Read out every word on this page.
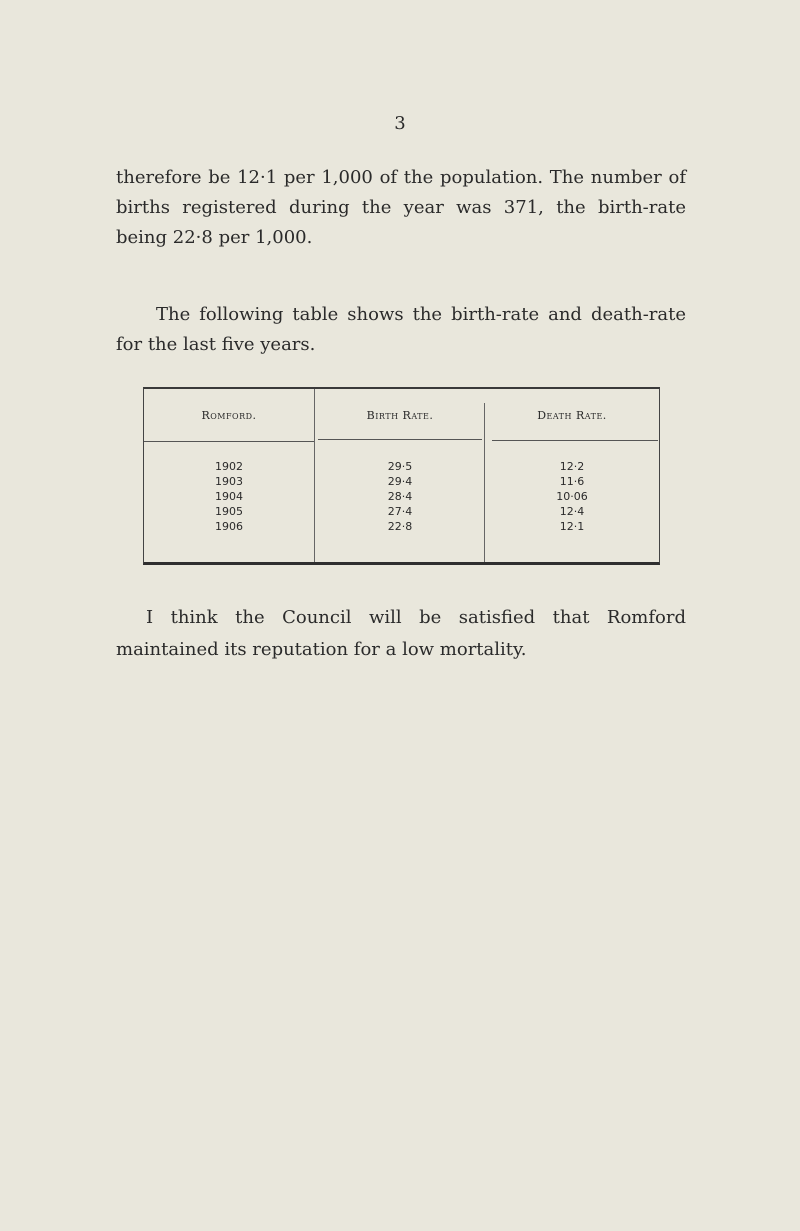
3

therefore be 12·1 per 1,000 of the population. The number of births registered during the year was 371, the birth-rate being 22·8 per 1,000.

The following table shows the birth-rate and death-rate for the last five years.

Romford.	Birth Rate.	Death Rate.
1902
1903
1904
1905
1906
29·5
29·4
28·4
27·4
22·8
12·2
11·6
10·06
12·4
12·1

I think the Council will be satisfied that Romford maintained its reputation for a low mortality.
